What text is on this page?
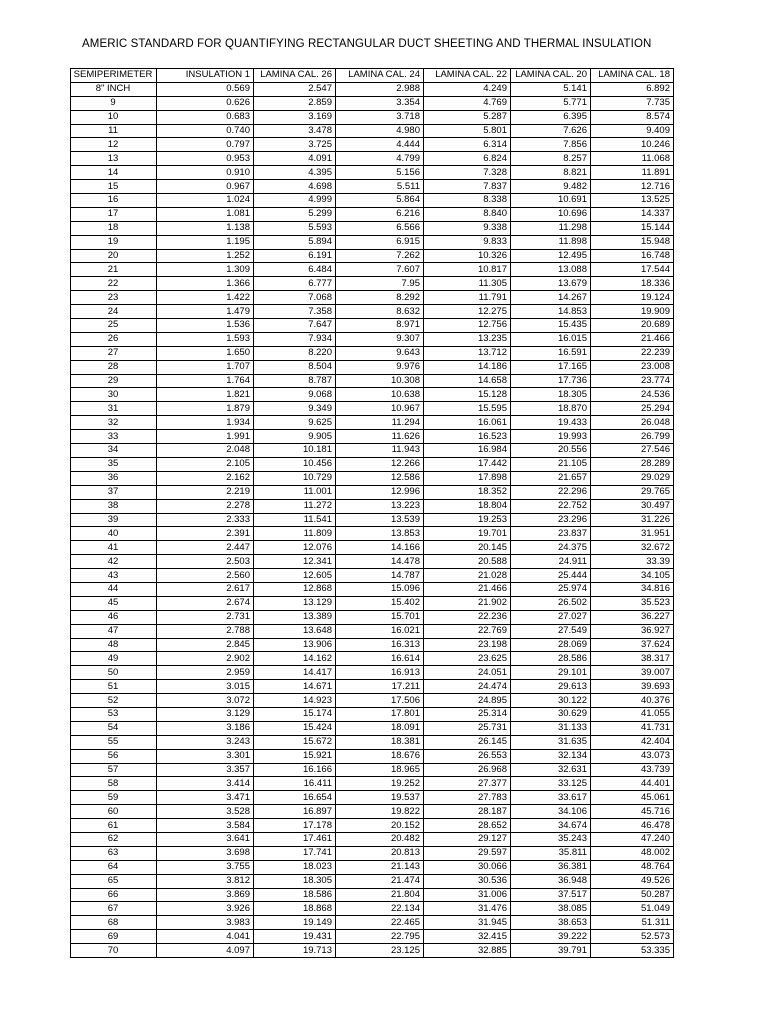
AMERIC STANDARD FOR QUANTIFYING RECTANGULAR DUCT SHEETING AND THERMAL INSULATION
SEMIPERIMETER	INSULATION 1	LAMINA CAL. 26	LAMINA CAL. 24	LAMINA CAL. 22	LAMINA CAL. 20	LAMINA CAL. 18
8" INCH	0.569	2.547	2.988	4.249	5.141	6.892
9	0.626	2.859	3.354	4.769	5.771	7.735
10	0.683	3.169	3.718	5.287	6.395	8.574
11	0.740	3.478	4.980	5.801	7.626	9.409
12	0.797	3.725	4.444	6.314	7.856	10.246
13	0.953	4.091	4.799	6.824	8.257	11.068
14	0.910	4.395	5.156	7.328	8.821	11.891
15	0.967	4.698	5.511	7.837	9.482	12.716
16	1.024	4.999	5.864	8.338	10.691	13.525
17	1.081	5.299	6.216	8.840	10.696	14.337
18	1.138	5.593	6.566	9.338	11.298	15.144
19	1.195	5.894	6.915	9.833	11.898	15.948
20	1.252	6.191	7.262	10.326	12.495	16.748
21	1.309	6.484	7.607	10.817	13.088	17.544
22	1.366	6.777	7.95	11.305	13.679	18.336
23	1.422	7.068	8.292	11.791	14.267	19.124
24	1.479	7.358	8.632	12.275	14.853	19.909
25	1.536	7.647	8.971	12.756	15.435	20.689
26	1.593	7.934	9.307	13.235	16.015	21.466
27	1.650	8.220	9.643	13.712	16.591	22.239
28	1.707	8.504	9.976	14.186	17.165	23.008
29	1.764	8.787	10.308	14.658	17.736	23.774
30	1.821	9.068	10.638	15.128	18.305	24.536
31	1.879	9.349	10.967	15.595	18.870	25.294
32	1.934	9.625	11.294	16.061	19.433	26.048
33	1.991	9.905	11.626	16.523	19.993	26.799
34	2.048	10.181	11.943	16.984	20.556	27.546
35	2.105	10.456	12.266	17.442	21.105	28.289
36	2.162	10.729	12.586	17.898	21.657	29.029
37	2.219	11.001	12.996	18.352	22.296	29.765
38	2.278	11.272	13.223	18.804	22.752	30.497
39	2.333	11.541	13.539	19.253	23.296	31.226
40	2.391	11.809	13.853	19.701	23.837	31.951
41	2.447	12.076	14.166	20.145	24.375	32.672
42	2.503	12.341	14.478	20.588	24.911	33.39
43	2.560	12.605	14.787	21.028	25.444	34.105
44	2.617	12.868	15.096	21.466	25.974	34.816
45	2.674	13.129	15.402	21.902	26.502	35.523
46	2.731	13.389	15.701	22.236	27.027	36.227
47	2.788	13.648	16.021	22.769	27.549	36.927
48	2.845	13.906	16.313	23.198	28.069	37.624
49	2.902	14.162	16.614	23.625	28.586	38.317
50	2.959	14.417	16.913	24.051	29.101	39.007
51	3.015	14.671	17.211	24.474	29.613	39.693
52	3.072	14.923	17.506	24.895	30.122	40.376
53	3.129	15.174	17.801	25.314	30.629	41.055
54	3.186	15.424	18.091	25.731	31.133	41.731
55	3.243	15.672	18.381	26.145	31.635	42.404
56	3.301	15.921	18.676	26.553	32.134	43.073
57	3.357	16.166	18.965	26.968	32.631	43.739
58	3.414	16.411	19.252	27.377	33.125	44.401
59	3.471	16.654	19.537	27.783	33.617	45.061
60	3.528	16.897	19.822	28.187	34.106	45.716
61	3.584	17.178	20.152	28.652	34.674	46.478
62	3.641	17.461	20.482	29.127	35.243	47.240
63	3.698	17.741	20.813	29.597	35.811	48.002
64	3.755	18.023	21.143	30.066	36.381	48.764
65	3.812	18.305	21.474	30.536	36.948	49.526
66	3.869	18.586	21.804	31.006	37.517	50.287
67	3.926	18.868	22.134	31.476	38.085	51.049
68	3.983	19.149	22.465	31.945	38.653	51.311
69	4.041	19.431	22.795	32.415	39.222	52.573
70	4.097	19.713	23.125	32.885	39.791	53.335
